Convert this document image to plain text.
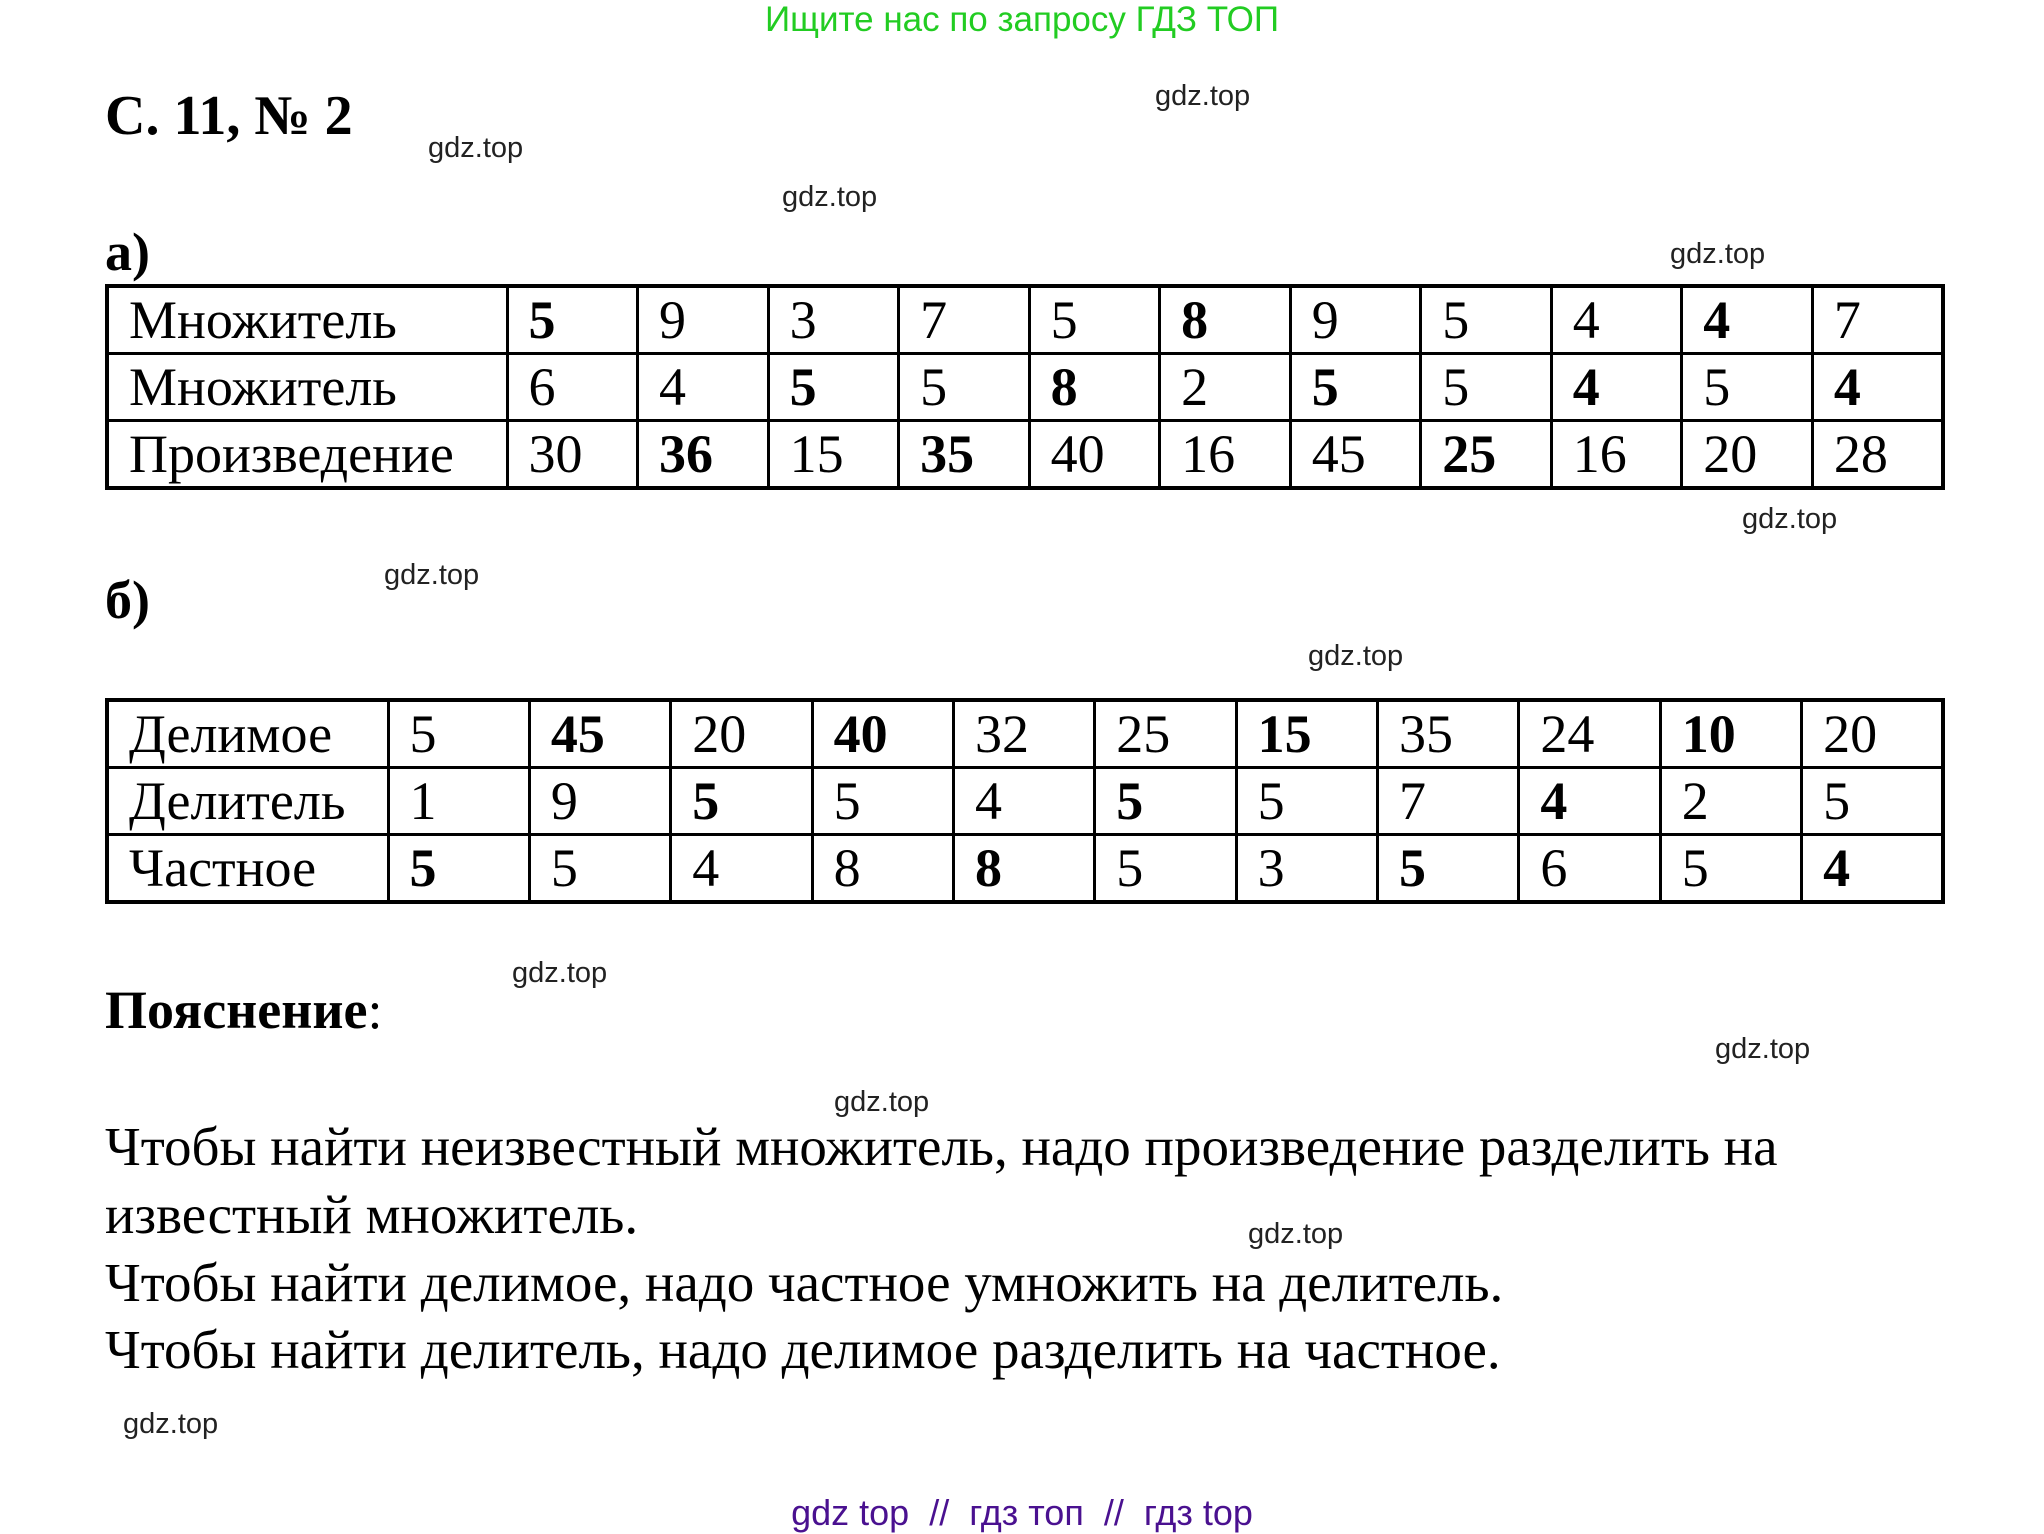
Ищите нас по запросу ГДЗ ТОП
С. 11, № 2
а)
Множитель	5	9	3	7	5	8	9	5	4	4	7
Множитель	6	4	5	5	8	2	5	5	4	5	4
Произведение	30	36	15	35	40	16	45	25	16	20	28
б)
Делимое	5	45	20	40	32	25	15	35	24	10	20
Делитель	1	9	5	5	4	5	5	7	4	2	5
Частное	5	5	4	8	8	5	3	5	6	5	4
Пояснение:
Чтобы найти неизвестный множитель, надо произведение разделить на
известный множитель.
Чтобы найти делимое, надо частное умножить на делитель.
Чтобы найти делитель, надо делимое разделить на частное.
gdz.top
gdz.top
gdz.top
gdz.top
gdz.top
gdz.top
gdz.top
gdz.top
gdz.top
gdz.top
gdz.top
gdz.top
gdz top  //  гдз топ  //  гдз top
